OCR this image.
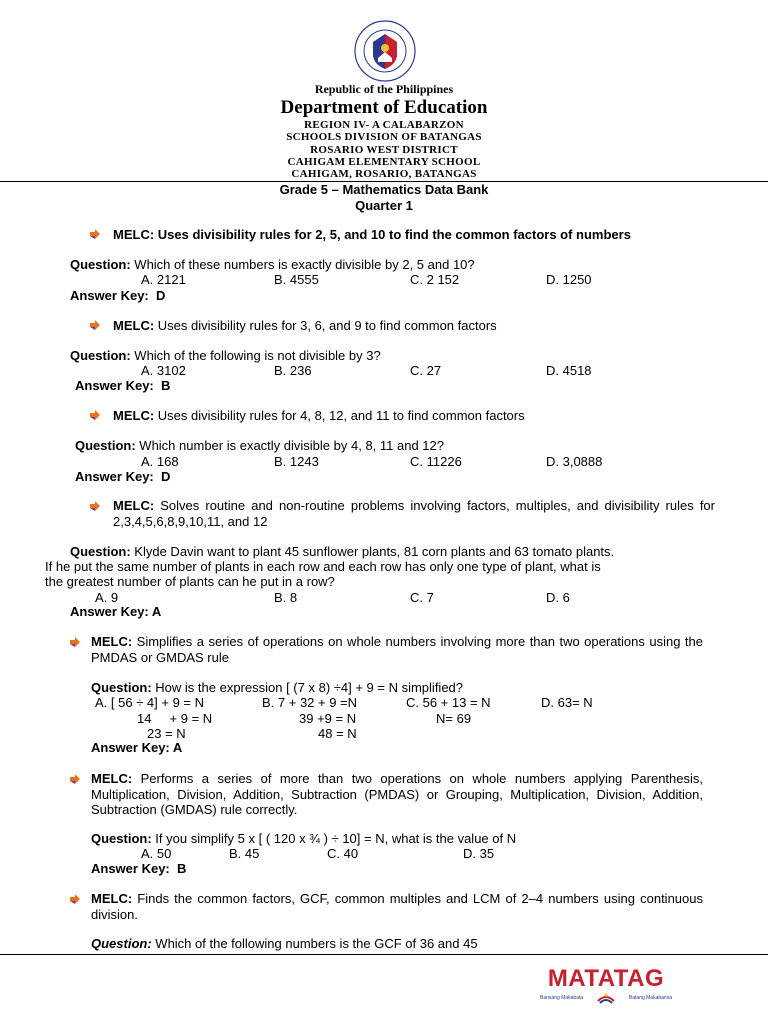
Republic of the Philippines
Department of Education
REGION IV- A CALABARZON
SCHOOLS DIVISION OF BATANGAS
ROSARIO WEST DISTRICT
CAHIGAM ELEMENTARY SCHOOL
CAHIGAM, ROSARIO, BATANGAS
Grade 5 – Mathematics Data Bank
Quarter 1
MELC: Uses divisibility rules for 2, 5, and 10 to find the common factors of numbers
Question: Which of these numbers is exactly divisible by 2, 5 and 10?
A. 2121	B. 4555	C. 2 152	D. 1250
Answer Key: D
MELC: Uses divisibility rules for 3, 6, and 9 to find common factors
Question: Which of the following is not divisible by 3?
A. 3102	B. 236	C. 27	D. 4518
Answer Key: B
MELC: Uses divisibility rules for 4, 8, 12, and 11 to find common factors
Question: Which number is exactly divisible by 4, 8, 11 and 12?
A. 168	B. 1243	C. 11226	D. 3,0888
Answer Key: D
MELC: Solves routine and non-routine problems involving factors, multiples, and divisibility rules for 2,3,4,5,6,8,9,10,11, and 12
Question: Klyde Davin want to plant 45 sunflower plants, 81 corn plants and 63 tomato plants.
If he put the same number of plants in each row and each row has only one type of plant, what is
the greatest number of plants can he put in a row?
A. 9	B. 8	C. 7	D. 6
Answer Key: A
MELC: Simplifies a series of operations on whole numbers involving more than two operations using the PMDAS or GMDAS rule
Question: How is the expression [ (7 x 8) ÷4] + 9 = N simplified?
A. [ 56 ÷ 4] + 9 = N	B. 7 + 32 + 9 =N	C. 56 + 13 = N	D. 63= N
14     + 9 = N	39 +9 = N	N= 69
23 = N	48 = N
Answer Key: A
MELC: Performs a series of more than two operations on whole numbers applying Parenthesis, Multiplication, Division, Addition, Subtraction (PMDAS) or Grouping, Multiplication, Division, Addition, Subtraction (GMDAS) rule correctly.
Question: If you simplify 5 x [ ( 120 x ¾ ) ÷ 10] = N, what is the value of N
A. 50	B. 45	C. 40	D. 35
Answer Key: B
MELC: Finds the common factors, GCF, common multiples and LCM of 2–4 numbers using continuous division.
Question: Which of the following numbers is the GCF of 36 and 45
MATATAG
Bansang Makabata	Batang Makabansa
